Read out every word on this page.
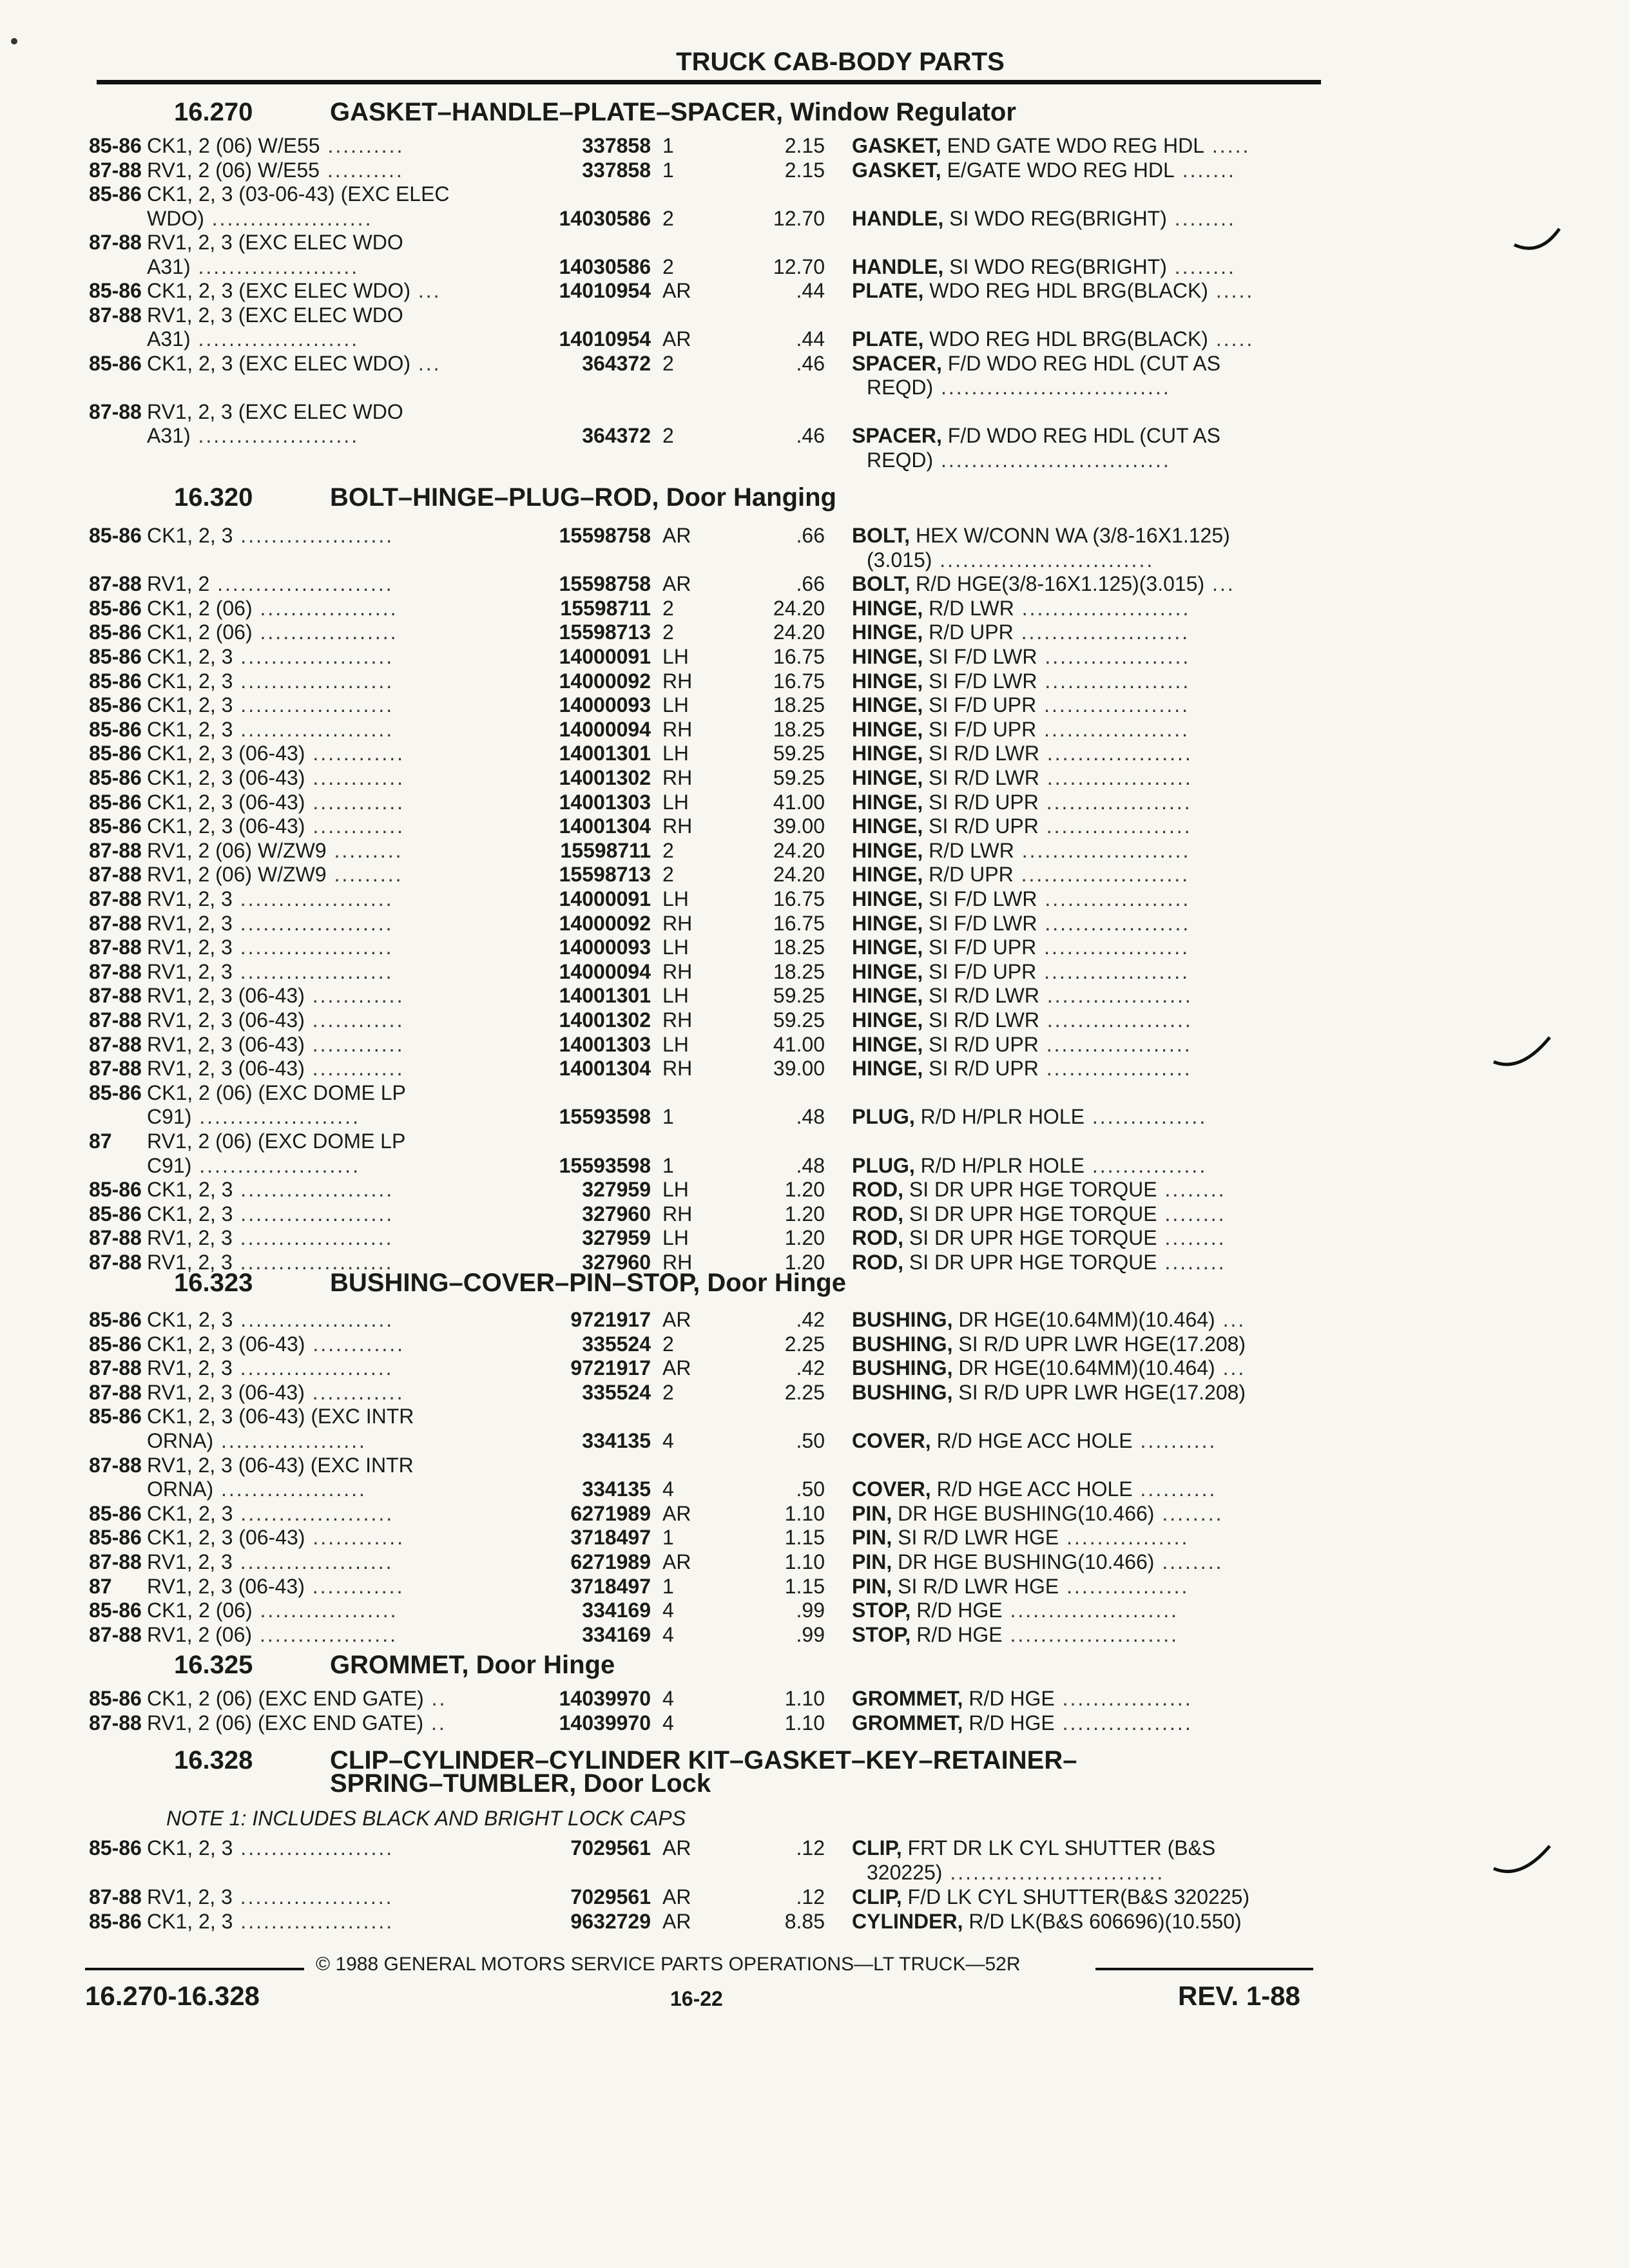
TRUCK CAB-BODY PARTS
16.270	GASKET–HANDLE–PLATE–SPACER, Window Regulator
85-86 CK1, 2 (06) W/E55 ..........	337858 1	2.15 GASKET, END GATE WDO REG HDL .....
87-88 RV1, 2 (06) W/E55 ..........	337858 1	2.15 GASKET, E/GATE WDO REG HDL .......
85-86 CK1, 2, 3 (03-06-43) (EXC ELEC
WDO) .....................	14030586 2	12.70 HANDLE, SI WDO REG(BRIGHT) ........
87-88 RV1, 2, 3 (EXC ELEC WDO
A31) .....................	14030586 2	12.70 HANDLE, SI WDO REG(BRIGHT) ........
85-86 CK1, 2, 3 (EXC ELEC WDO) ...	14010954 AR	.44 PLATE, WDO REG HDL BRG(BLACK) .....
87-88 RV1, 2, 3 (EXC ELEC WDO
A31) .....................	14010954 AR	.44 PLATE, WDO REG HDL BRG(BLACK) .....
85-86 CK1, 2, 3 (EXC ELEC WDO) ...	364372 2	.46 SPACER, F/D WDO REG HDL (CUT AS
REQD) ..............................
87-88 RV1, 2, 3 (EXC ELEC WDO
A31) .....................	364372 2	.46 SPACER, F/D WDO REG HDL (CUT AS
REQD) ..............................
16.320	BOLT–HINGE–PLUG–ROD, Door Hanging
85-86 CK1, 2, 3 ....................	15598758 AR	.66 BOLT, HEX W/CONN WA (3/8-16X1.125)
(3.015) ............................
87-88 RV1, 2 .......................	15598758 AR	.66 BOLT, R/D HGE(3/8-16X1.125)(3.015) ...
85-86 CK1, 2 (06) ..................	15598711 2	24.20 HINGE, R/D LWR ......................
85-86 CK1, 2 (06) ..................	15598713 2	24.20 HINGE, R/D UPR ......................
85-86 CK1, 2, 3 ....................	14000091 LH	16.75 HINGE, SI F/D LWR ...................
85-86 CK1, 2, 3 ....................	14000092 RH	16.75 HINGE, SI F/D LWR ...................
85-86 CK1, 2, 3 ....................	14000093 LH	18.25 HINGE, SI F/D UPR ...................
85-86 CK1, 2, 3 ....................	14000094 RH	18.25 HINGE, SI F/D UPR ...................
85-86 CK1, 2, 3 (06-43) ............	14001301 LH	59.25 HINGE, SI R/D LWR ...................
85-86 CK1, 2, 3 (06-43) ............	14001302 RH	59.25 HINGE, SI R/D LWR ...................
85-86 CK1, 2, 3 (06-43) ............	14001303 LH	41.00 HINGE, SI R/D UPR ...................
85-86 CK1, 2, 3 (06-43) ............	14001304 RH	39.00 HINGE, SI R/D UPR ...................
87-88 RV1, 2 (06) W/ZW9 .........	15598711 2	24.20 HINGE, R/D LWR ......................
87-88 RV1, 2 (06) W/ZW9 .........	15598713 2	24.20 HINGE, R/D UPR ......................
87-88 RV1, 2, 3 ....................	14000091 LH	16.75 HINGE, SI F/D LWR ...................
87-88 RV1, 2, 3 ....................	14000092 RH	16.75 HINGE, SI F/D LWR ...................
87-88 RV1, 2, 3 ....................	14000093 LH	18.25 HINGE, SI F/D UPR ...................
87-88 RV1, 2, 3 ....................	14000094 RH	18.25 HINGE, SI F/D UPR ...................
87-88 RV1, 2, 3 (06-43) ............	14001301 LH	59.25 HINGE, SI R/D LWR ...................
87-88 RV1, 2, 3 (06-43) ............	14001302 RH	59.25 HINGE, SI R/D LWR ...................
87-88 RV1, 2, 3 (06-43) ............	14001303 LH	41.00 HINGE, SI R/D UPR ...................
87-88 RV1, 2, 3 (06-43) ............	14001304 RH	39.00 HINGE, SI R/D UPR ...................
85-86 CK1, 2 (06) (EXC DOME LP
C91) .....................	15593598 1	.48 PLUG, R/D H/PLR HOLE ...............
87 RV1, 2 (06) (EXC DOME LP
C91) .....................	15593598 1	.48 PLUG, R/D H/PLR HOLE ...............
85-86 CK1, 2, 3 ....................	327959 LH	1.20 ROD, SI DR UPR HGE TORQUE ........
85-86 CK1, 2, 3 ....................	327960 RH	1.20 ROD, SI DR UPR HGE TORQUE ........
87-88 RV1, 2, 3 ....................	327959 LH	1.20 ROD, SI DR UPR HGE TORQUE ........
87-88 RV1, 2, 3 ....................	327960 RH	1.20 ROD, SI DR UPR HGE TORQUE ........
16.323	BUSHING–COVER–PIN–STOP, Door Hinge
85-86 CK1, 2, 3 ....................	9721917 AR	.42 BUSHING, DR HGE(10.64MM)(10.464) ...
85-86 CK1, 2, 3 (06-43) ............	335524 2	2.25 BUSHING, SI R/D UPR LWR HGE(17.208)
87-88 RV1, 2, 3 ....................	9721917 AR	.42 BUSHING, DR HGE(10.64MM)(10.464) ...
87-88 RV1, 2, 3 (06-43) ............	335524 2	2.25 BUSHING, SI R/D UPR LWR HGE(17.208)
85-86 CK1, 2, 3 (06-43) (EXC INTR
ORNA) ...................	334135 4	.50 COVER, R/D HGE ACC HOLE ..........
87-88 RV1, 2, 3 (06-43) (EXC INTR
ORNA) ...................	334135 4	.50 COVER, R/D HGE ACC HOLE ..........
85-86 CK1, 2, 3 ....................	6271989 AR	1.10 PIN, DR HGE BUSHING(10.466) ........
85-86 CK1, 2, 3 (06-43) ............	3718497 1	1.15 PIN, SI R/D LWR HGE ................
87-88 RV1, 2, 3 ....................	6271989 AR	1.10 PIN, DR HGE BUSHING(10.466) ........
87 RV1, 2, 3 (06-43) ............	3718497 1	1.15 PIN, SI R/D LWR HGE ................
85-86 CK1, 2 (06) ..................	334169 4	.99 STOP, R/D HGE ......................
87-88 RV1, 2 (06) ..................	334169 4	.99 STOP, R/D HGE ......................
16.325	GROMMET, Door Hinge
85-86 CK1, 2 (06) (EXC END GATE) ..	14039970 4	1.10 GROMMET, R/D HGE .................
87-88 RV1, 2 (06) (EXC END GATE) ..	14039970 4	1.10 GROMMET, R/D HGE .................
SPRING–TUMBLER, Door Lock
16.328	CLIP–CYLINDER–CYLINDER KIT–GASKET–KEY–RETAINER–
NOTE 1: INCLUDES BLACK AND BRIGHT LOCK CAPS
85-86 CK1, 2, 3 ....................	7029561 AR	.12 CLIP, FRT DR LK CYL SHUTTER (B&S
320225) ............................
87-88 RV1, 2, 3 ....................	7029561 AR	.12 CLIP, F/D LK CYL SHUTTER(B&S 320225)
85-86 CK1, 2, 3 ....................	9632729 AR	8.85 CYLINDER, R/D LK(B&S 606696)(10.550)
© 1988 GENERAL MOTORS SERVICE PARTS OPERATIONS—LT TRUCK—52R
16.270-16.328	16-22	REV. 1-88
